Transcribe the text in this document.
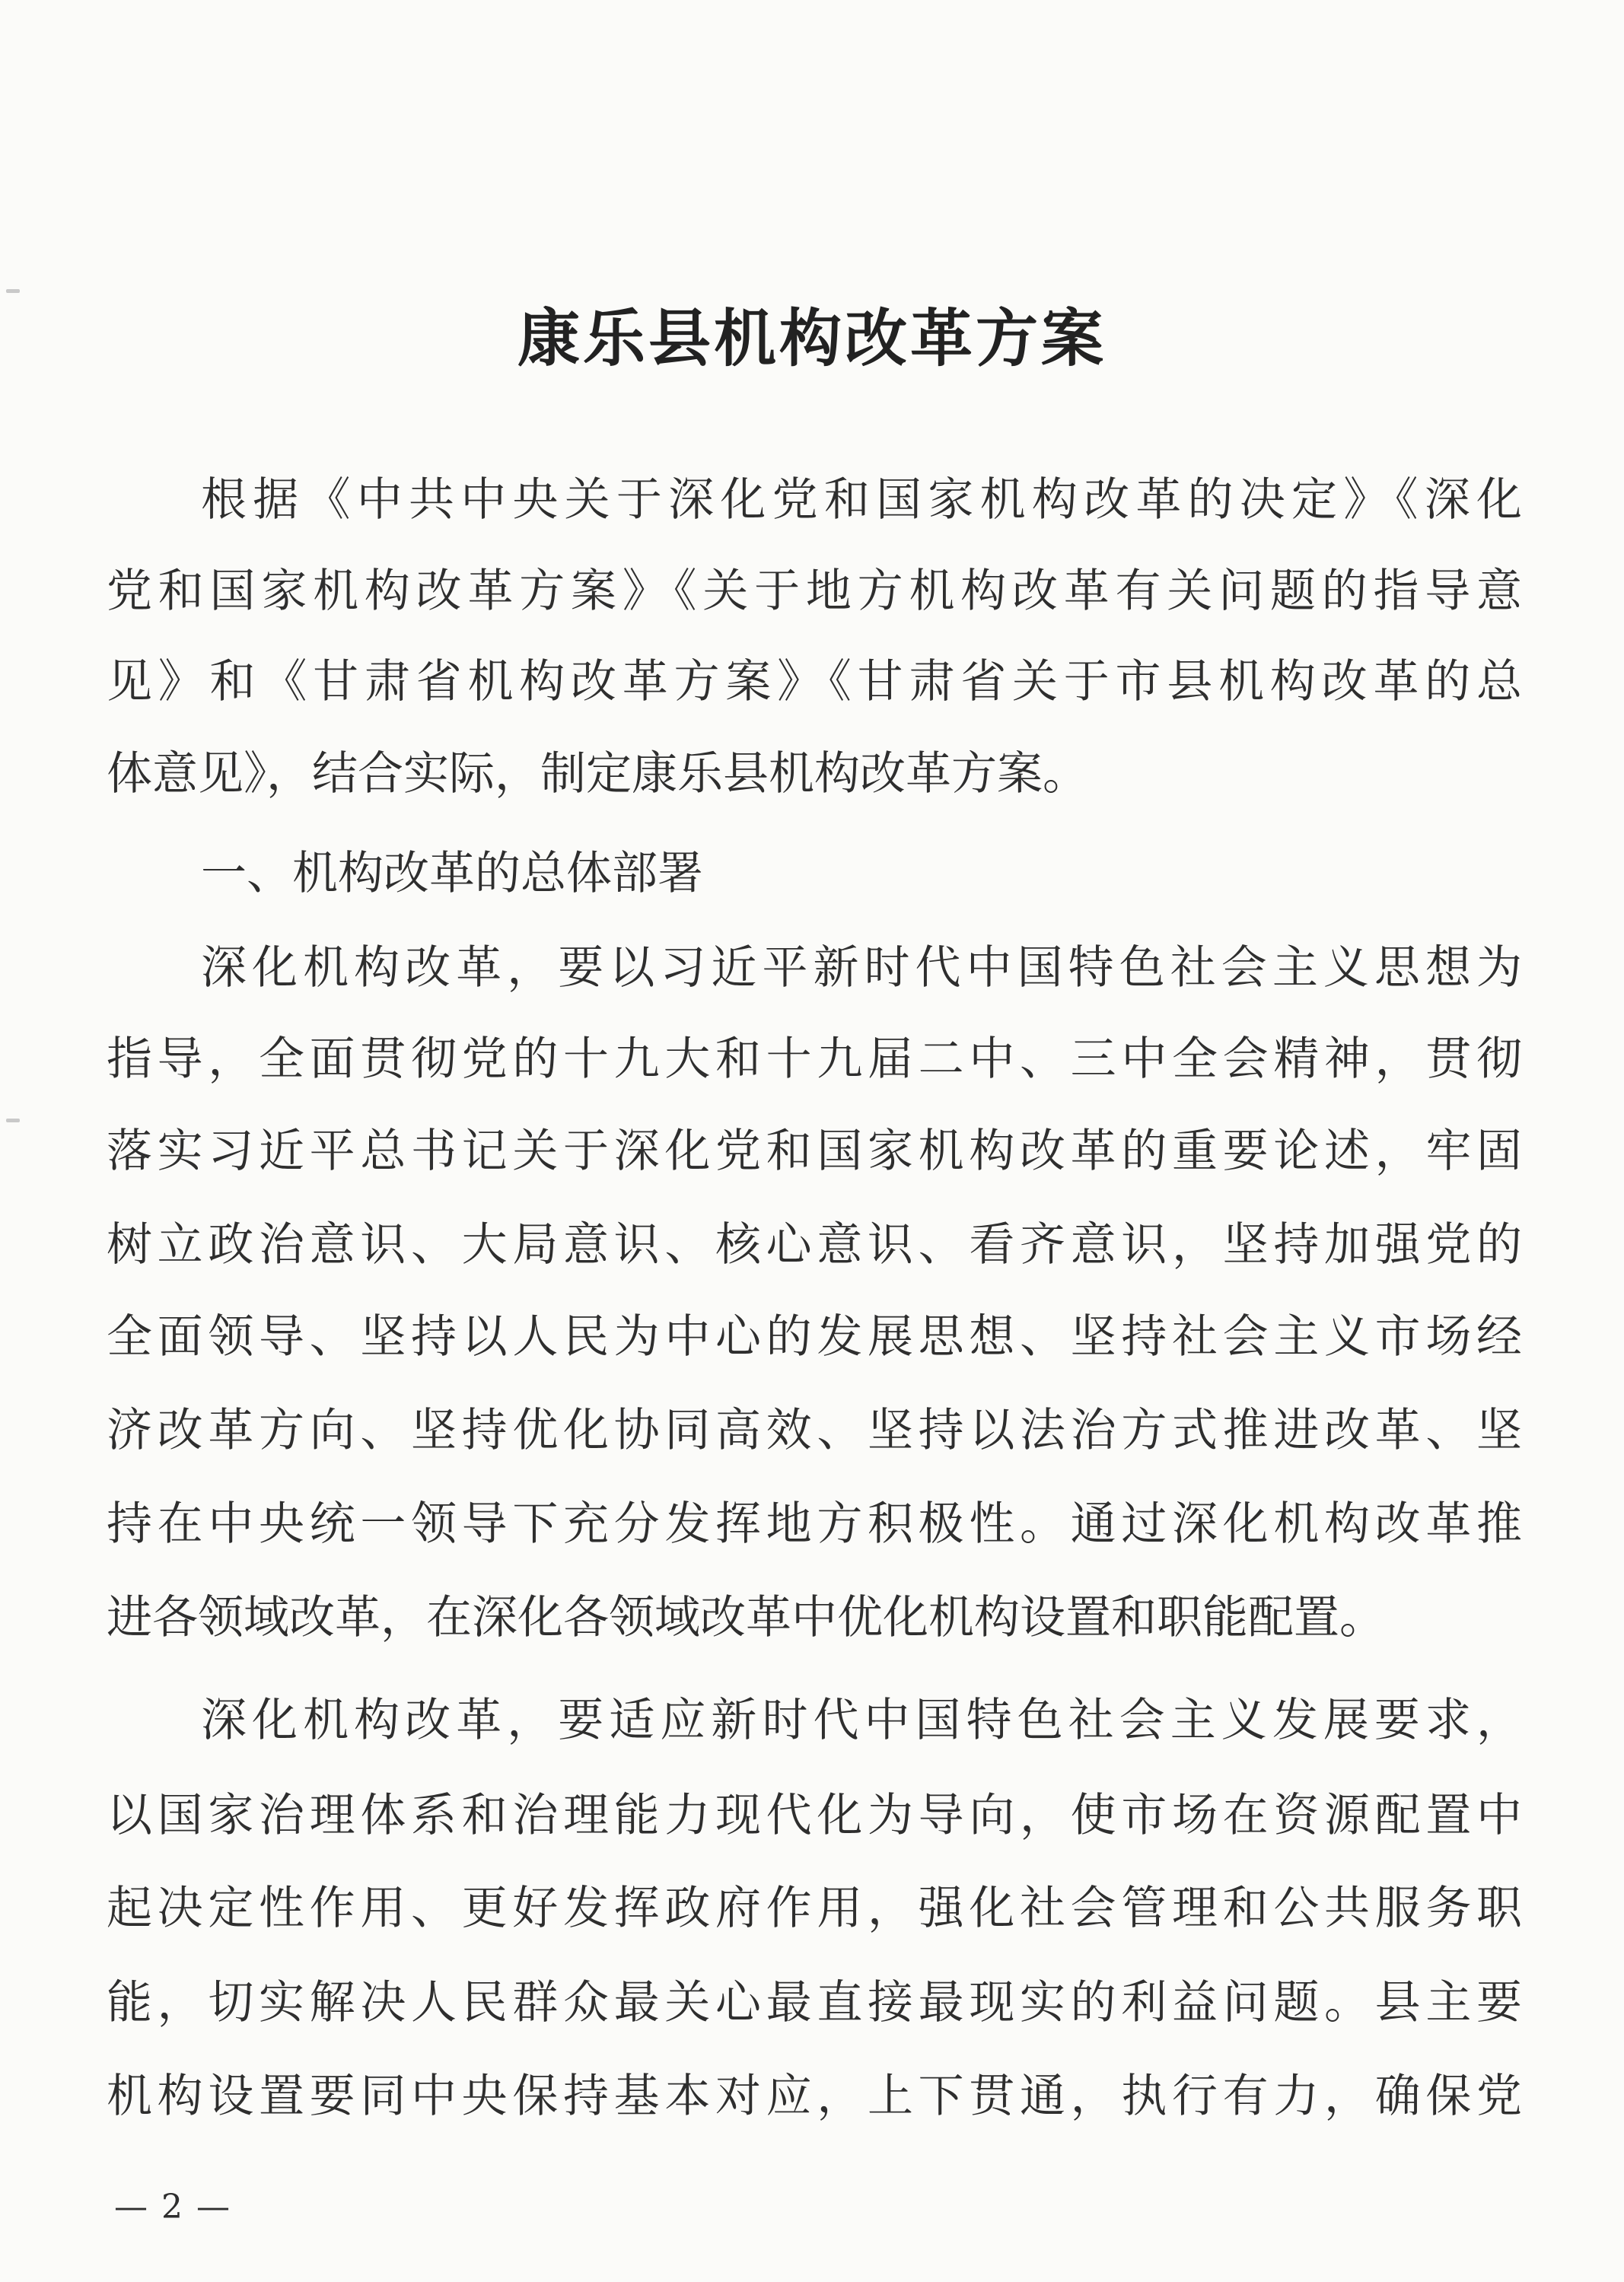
康乐县机构改革方案
根据《中共中央关于深化党和国家机构改革的决定》《深化
党和国家机构改革方案》《关于地方机构改革有关问题的指导意
见》和《甘肃省机构改革方案》《甘肃省关于市县机构改革的总
体意见》，结合实际，制定康乐县机构改革方案。
一、机构改革的总体部署
深化机构改革，要以习近平新时代中国特色社会主义思想为
指导，全面贯彻党的十九大和十九届二中、三中全会精神，贯彻
落实习近平总书记关于深化党和国家机构改革的重要论述，牢固
树立政治意识、大局意识、核心意识、看齐意识，坚持加强党的
全面领导、坚持以人民为中心的发展思想、坚持社会主义市场经
济改革方向、坚持优化协同高效、坚持以法治方式推进改革、坚
持在中央统一领导下充分发挥地方积极性。通过深化机构改革推
进各领域改革，在深化各领域改革中优化机构设置和职能配置。
深化机构改革，要适应新时代中国特色社会主义发展要求，
以国家治理体系和治理能力现代化为导向，使市场在资源配置中
起决定性作用、更好发挥政府作用，强化社会管理和公共服务职
能，切实解决人民群众最关心最直接最现实的利益问题。县主要
机构设置要同中央保持基本对应，上下贯通，执行有力，确保党
— 2 —
